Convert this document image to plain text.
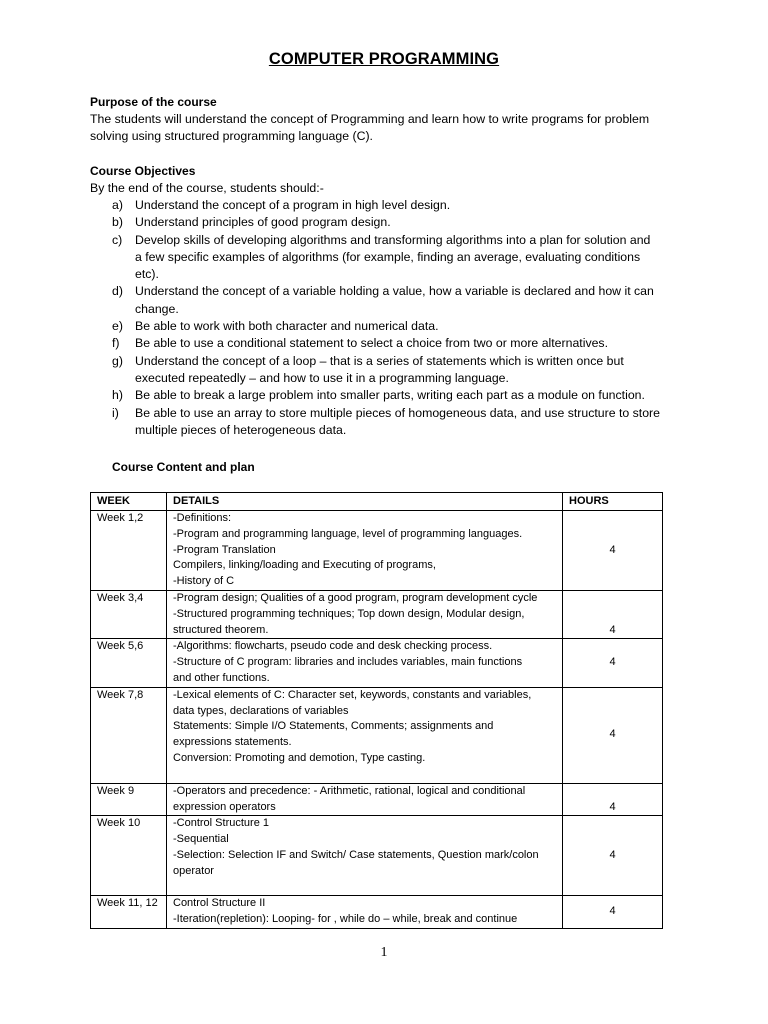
COMPUTER PROGRAMMING
Purpose of the course
The students will understand the concept of Programming and learn how to write programs for problem
solving using structured programming language (C).
Course Objectives
By the end of the course, students should:-
a) Understand the concept of a program in high level design.
b) Understand principles of good program design.
c) Develop skills of developing algorithms and transforming algorithms into a plan for solution and
a few specific examples of algorithms (for example, finding an average, evaluating conditions
etc).
d) Understand the concept of a variable holding a value, how a variable is declared and how it can
change.
e) Be able to work with both character and numerical data.
f) Be able to use a conditional statement to select a choice from two or more alternatives.
g) Understand the concept of a loop – that is a series of statements which is written once but
executed repeatedly – and how to use it in a programming language.
h) Be able to break a large problem into smaller parts, writing each part as a module on function.
i) Be able to use an array to store multiple pieces of homogeneous data, and use structure to store
multiple pieces of heterogeneous data.
Course Content and plan
WEEK	DETAILS	HOURS
Week 1,2	-Definitions:
-Program and programming language, level of programming languages.
-Program Translation
Compilers, linking/loading and Executing of programs,
-History of C	4
Week 3,4	-Program design; Qualities of a good program, program development cycle
-Structured programming techniques; Top down design, Modular design,
structured theorem.	4
Week 5,6	-Algorithms: flowcharts, pseudo code and desk checking process.
-Structure of C program: libraries and includes variables, main functions
and other functions.	4
Week 7,8	-Lexical elements of C: Character set, keywords, constants and variables,
data types, declarations of variables
Statements: Simple I/O Statements, Comments; assignments and
expressions statements.
Conversion: Promoting and demotion, Type casting.	4
Week 9	-Operators and precedence: - Arithmetic, rational, logical and conditional
expression operators	4
Week 10	-Control Structure 1
-Sequential
-Selection: Selection IF and Switch/ Case statements, Question mark/colon
operator	4
Week 11, 12	Control Structure II
-Iteration(repletion): Looping- for , while do – while, break and continue	4
1
